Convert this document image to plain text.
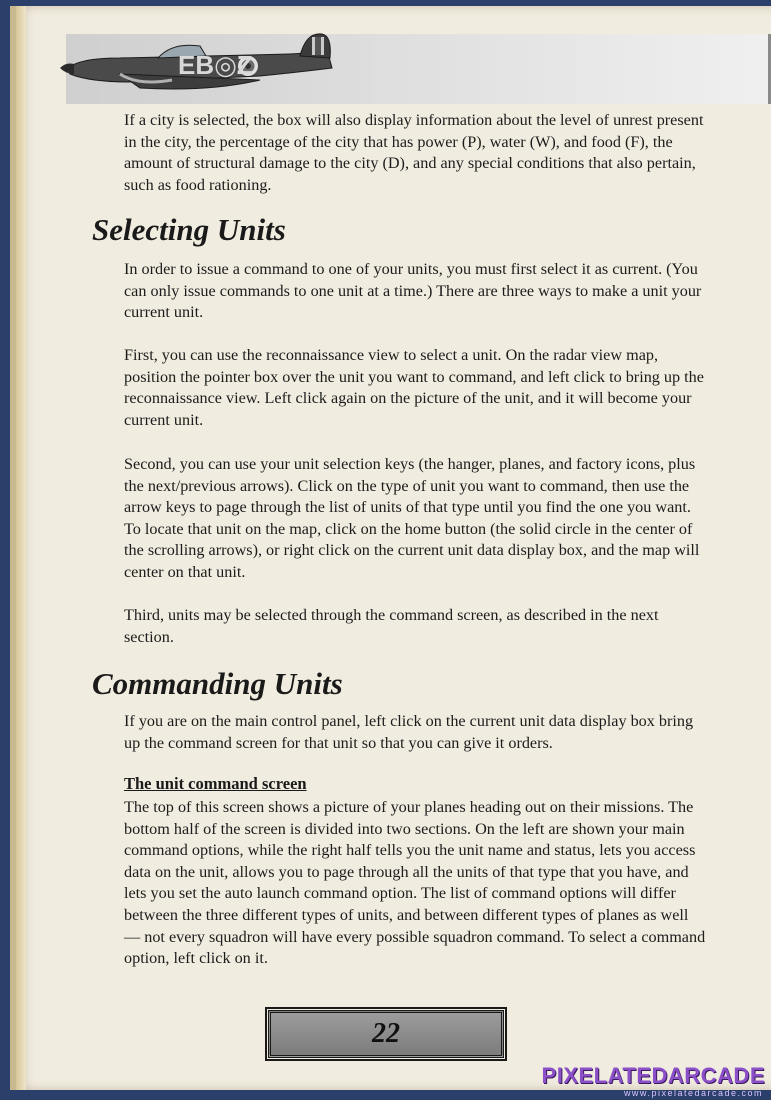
EB◎Z

If a city is selected, the box will also display information about the level of unrest present in the city, the percentage of the city that has power (P), water (W), and food (F), the amount of structural damage to the city (D), and any special conditions that also pertain, such as food rationing.

Selecting Units

In order to issue a command to one of your units, you must first select it as current. (You can only issue commands to one unit at a time.) There are three ways to make a unit your current unit.

First, you can use the reconnaissance view to select a unit. On the radar view map, position the pointer box over the unit you want to command, and left click to bring up the reconnaissance view. Left click again on the picture of the unit, and it will become your current unit.

Second, you can use your unit selection keys (the hanger, planes, and factory icons, plus the next/previous arrows). Click on the type of unit you want to command, then use the arrow keys to page through the list of units of that type until you find the one you want. To locate that unit on the map, click on the home button (the solid circle in the center of the scrolling arrows), or right click on the current unit data display box, and the map will center on that unit.

Third, units may be selected through the command screen, as described in the next section.

Commanding Units

If you are on the main control panel, left click on the current unit data display box bring up the command screen for that unit so that you can give it orders.

The unit command screen

The top of this screen shows a picture of your planes heading out on their missions. The bottom half of the screen is divided into two sections. On the left are shown your main command options, while the right half tells you the unit name and status, lets you access data on the unit, allows you to page through all the units of that type that you have, and lets you set the auto launch command option. The list of command options will differ between the three different types of units, and between different types of planes as well — not every squadron will have every possible squadron command. To select a command option, left click on it.

22
PIXELATEDARCADE
www.pixelatedarcade.com
